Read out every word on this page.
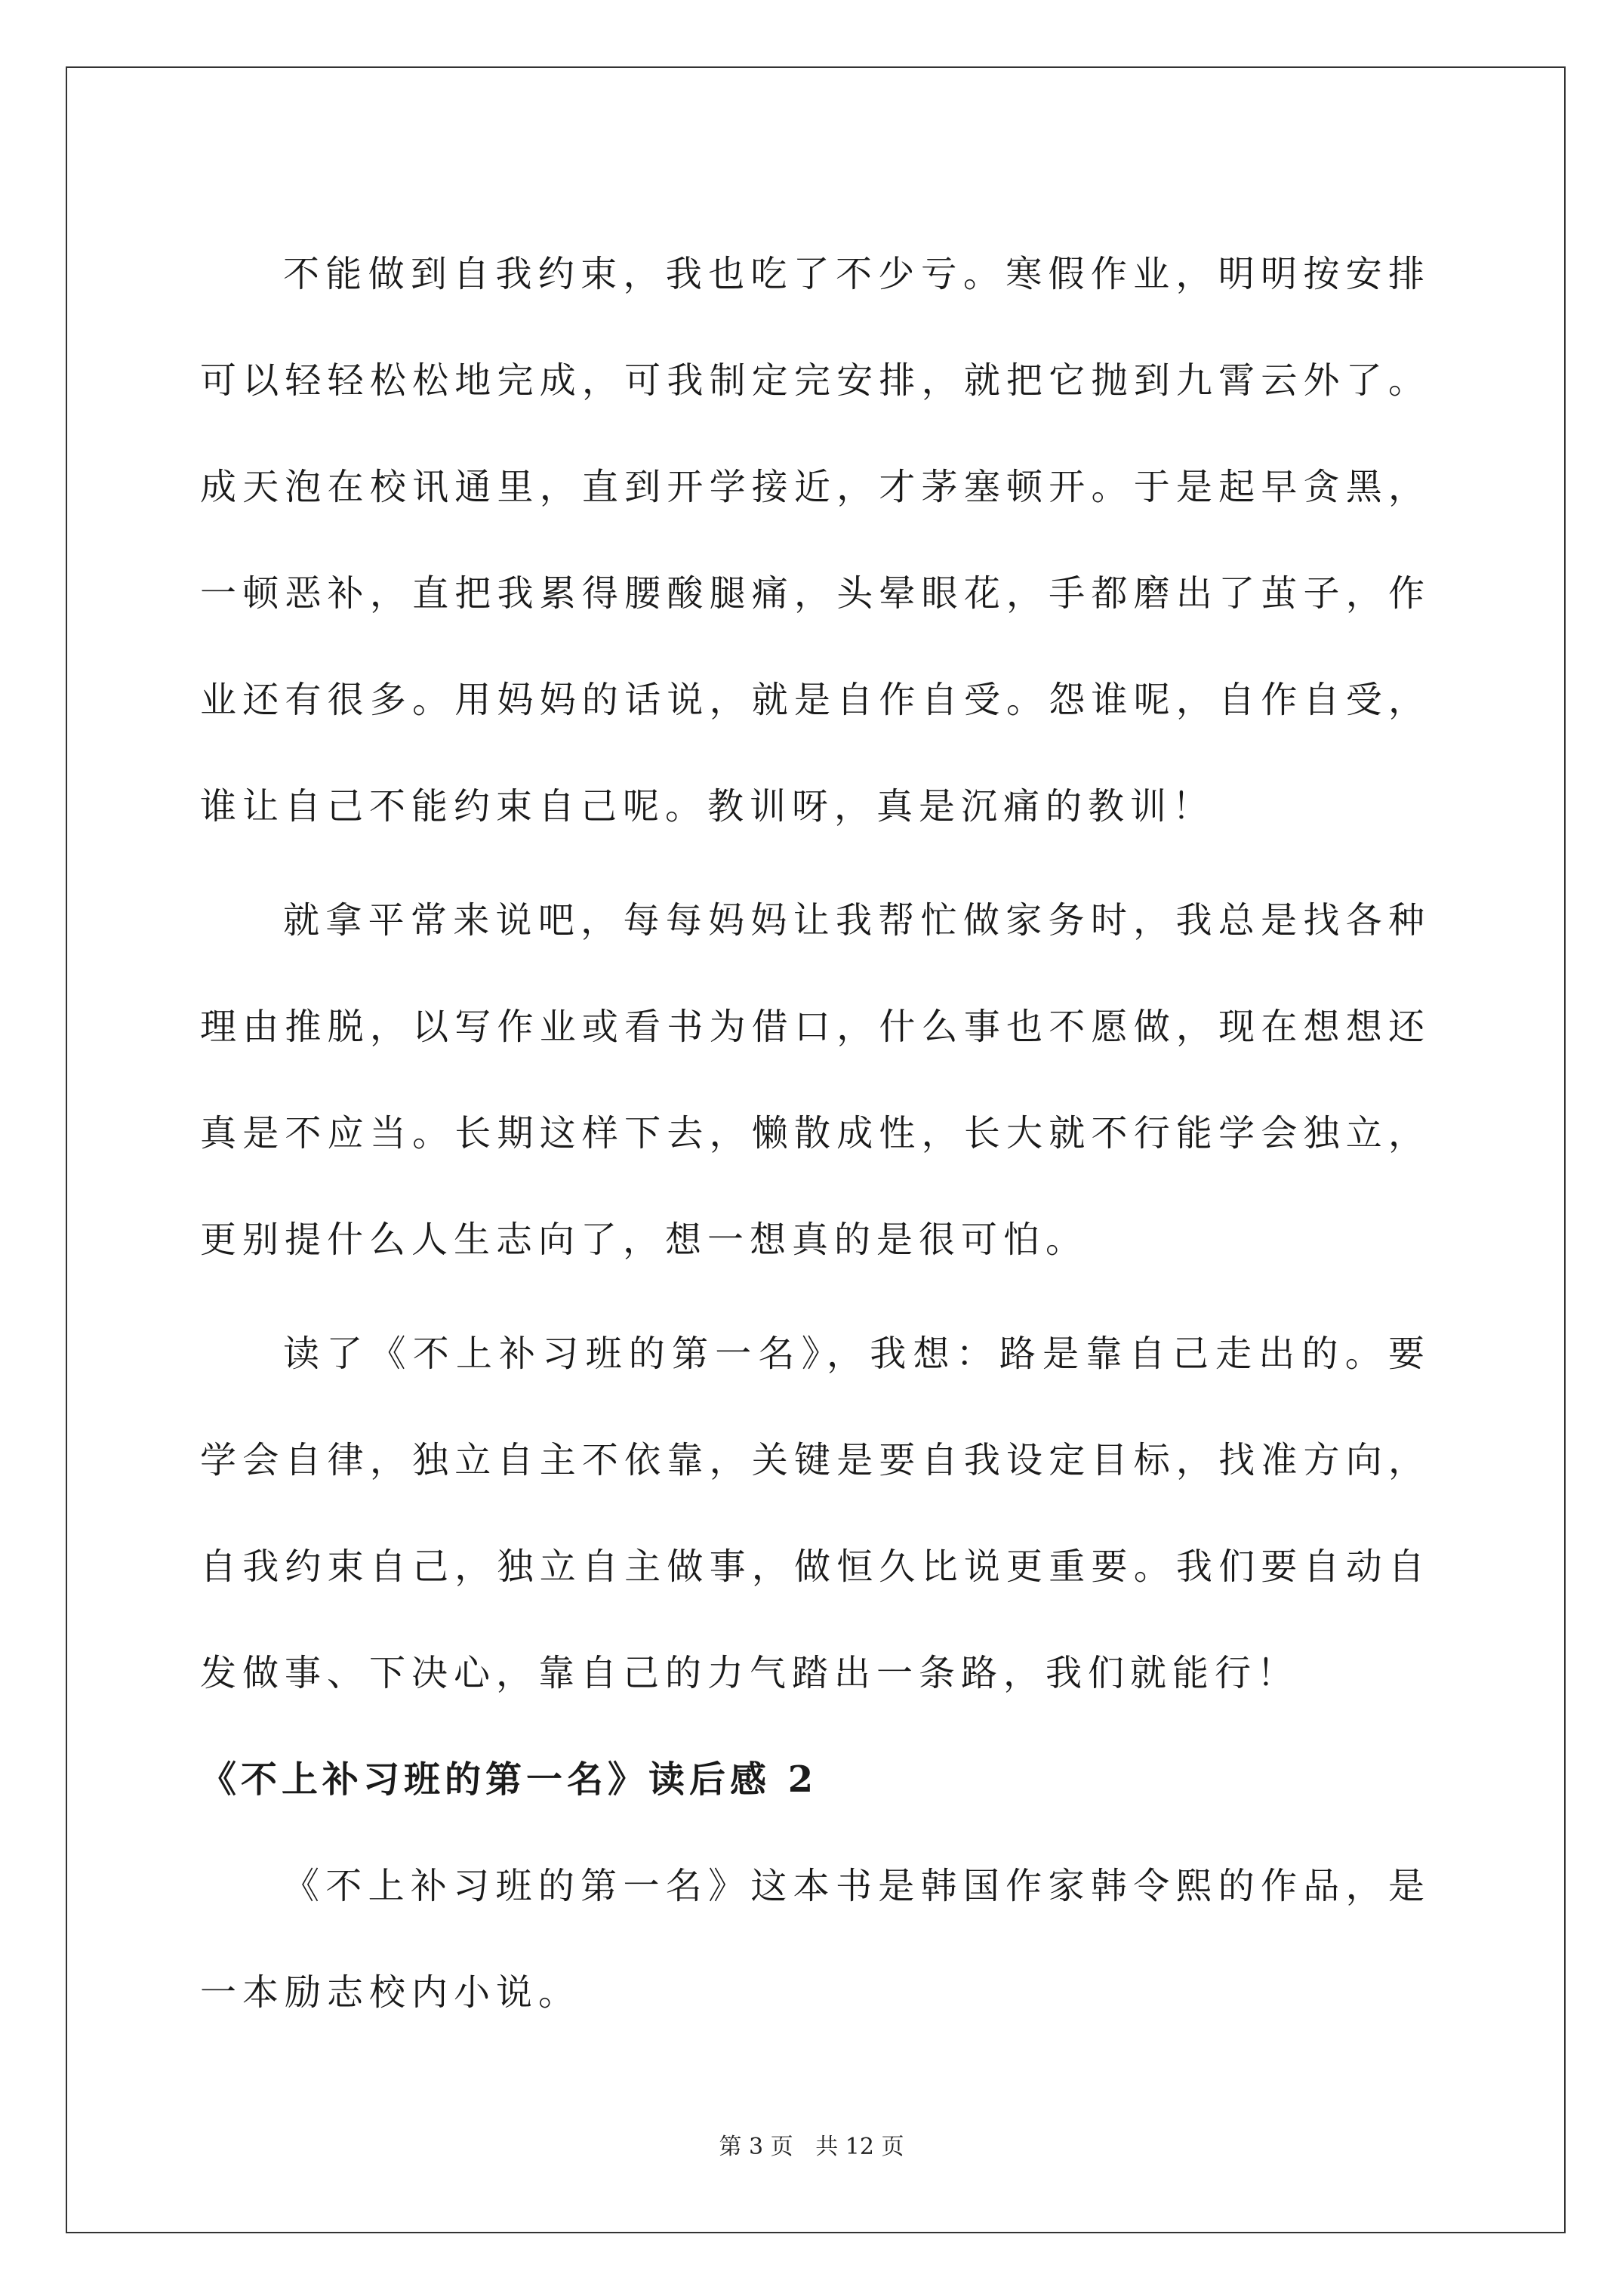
不能做到自我约束，我也吃了不少亏。寒假作业，明明按安排可以轻轻松松地完成，可我制定完安排，就把它抛到九霄云外了。成天泡在校讯通里，直到开学接近，才茅塞顿开。于是起早贪黑，一顿恶补，直把我累得腰酸腿痛，头晕眼花，手都磨出了茧子，作业还有很多。用妈妈的话说，就是自作自受。怨谁呢，自作自受，谁让自己不能约束自己呢。教训呀，真是沉痛的教训！

就拿平常来说吧，每每妈妈让我帮忙做家务时，我总是找各种理由推脱，以写作业或看书为借口，什么事也不愿做，现在想想还真是不应当。长期这样下去，懒散成性，长大就不行能学会独立，更别提什么人生志向了，想一想真的是很可怕。

读了《不上补习班的第一名》，我想：路是靠自己走出的。要学会自律，独立自主不依靠，关键是要自我设定目标，找准方向，自我约束自己，独立自主做事，做恒久比说更重要。我们要自动自发做事、下决心，靠自己的力气踏出一条路，我们就能行！

《不上补习班的第一名》读后感 2

《不上补习班的第一名》这本书是韩国作家韩令熙的作品，是一本励志校内小说。

第 3 页 共 12 页
